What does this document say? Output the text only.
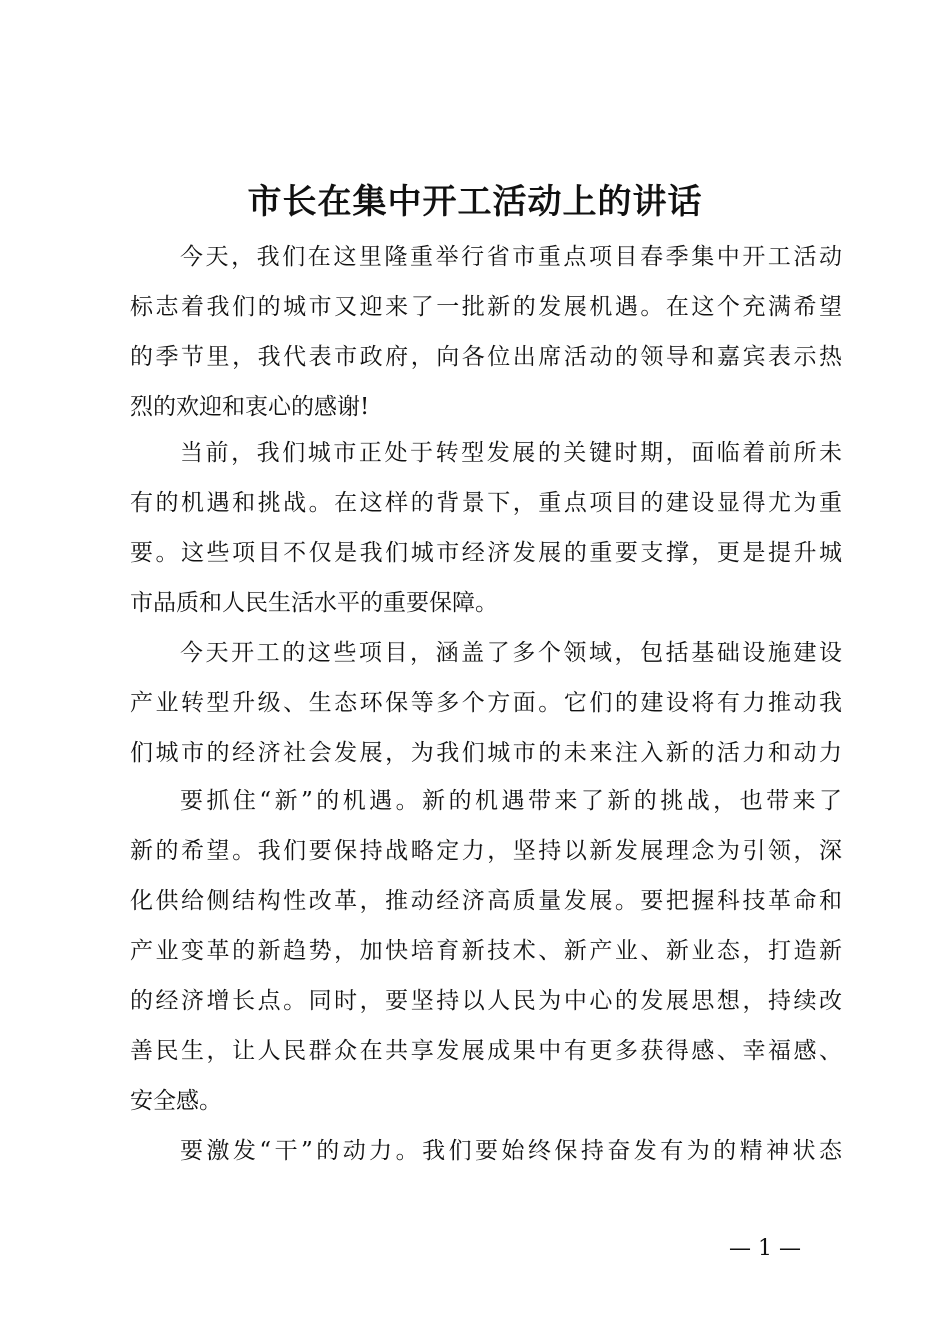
市长在集中开工活动上的讲话
今天，我们在这里隆重举行省市重点项目春季集中开工活动
标志着我们的城市又迎来了一批新的发展机遇。在这个充满希望
的季节里，我代表市政府，向各位出席活动的领导和嘉宾表示热
烈的欢迎和衷心的感谢!
当前，我们城市正处于转型发展的关键时期，面临着前所未
有的机遇和挑战。在这样的背景下，重点项目的建设显得尤为重
要。这些项目不仅是我们城市经济发展的重要支撑，更是提升城
市品质和人民生活水平的重要保障。
今天开工的这些项目，涵盖了多个领域，包括基础设施建设
产业转型升级、生态环保等多个方面。它们的建设将有力推动我
们城市的经济社会发展，为我们城市的未来注入新的活力和动力
要抓住“新”的机遇。新的机遇带来了新的挑战，也带来了
新的希望。我们要保持战略定力，坚持以新发展理念为引领，深
化供给侧结构性改革，推动经济高质量发展。要把握科技革命和
产业变革的新趋势，加快培育新技术、新产业、新业态，打造新
的经济增长点。同时，要坚持以人民为中心的发展思想，持续改
善民生，让人民群众在共享发展成果中有更多获得感、幸福感、
安全感。
要激发“干”的动力。我们要始终保持奋发有为的精神状态
— 1 —
